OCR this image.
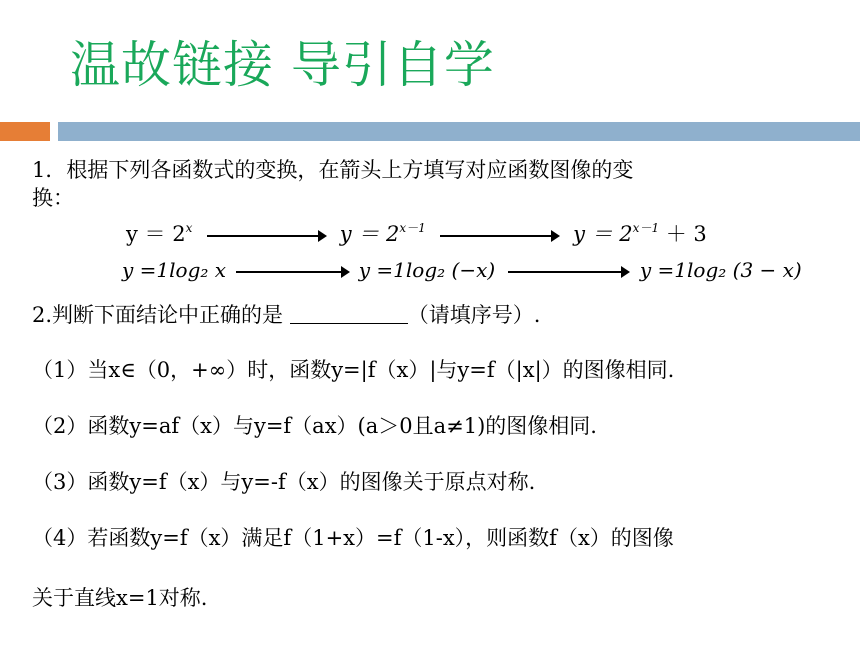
温故链接 导引自学
1．根据下列各函数式的变换，在箭头上方填写对应函数图像的变
换：
$y = 2^x$	$y = 2^{x-1}$	$y = 2^{x-1} + 3$
y =1log₂ x	y =1log₂ (−x)	y =1log₂ (3 − x)
2.判断下面结论中正确的是	（请填序号）.
（1）当x∈（0，+∞）时，函数y=|f（x）|与y=f（|x|）的图像相同.
（2）函数y=af（x）与y=f（ax）(a＞0且a≠1)的图像相同.
（3）函数y=f（x）与y=-f（x）的图像关于原点对称.
（4）若函数y=f（x）满足f（1+x）=f（1-x），则函数f（x）的图像
关于直线x=1对称.
